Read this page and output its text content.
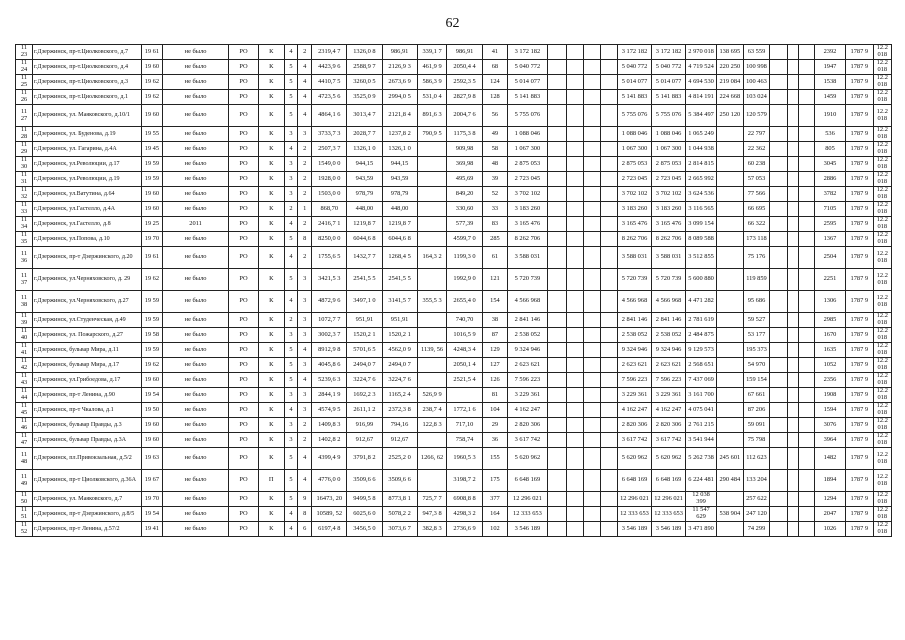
62
11 23	г.Дзержинск, пр-т.Циолковского, д.7	19 61	не было	РО	К	4	2	2319,4 7	1326,0 8	986,91	339,1 7	986,91	41	3 172 182					3 172 182	3 172 182	2 970 018	138 695	63 559				2392	1787 9	12.2 018
11 24	г.Дзержинск, пр-т.Циолковского, д.4	19 60	не было	РО	К	5	4	4423,9 6	2588,9 7	2126,9 3	461,9 9	2050,4 4	68	5 040 772					5 040 772	5 040 772	4 719 524	220 250	100 998				1947	1787 9	12.2 018
11 25	г.Дзержинск, пр-т.Циолковского, д.3	19 62	не было	РО	К	5	4	4410,7 5	3260,0 5	2673,6 9	586,3 9	2592,3 5	124	5 014 077					5 014 077	5 014 077	4 694 530	219 084	100 463				1538	1787 9	12.2 018
11 26	г.Дзержинск, пр-т.Циолковского, д.1	19 62	не было	РО	К	5	4	4723,5 6	3525,0 9	2994,0 5	531,0 4	2827,9 8	128	5 141 883					5 141 883	5 141 883	4 814 191	224 668	103 024				1459	1787 9	12.2 018
11 27	г.Дзержинск, ул. Маяковского, д.10/1	19 60	не было	РО	К	5	4	4864,1 6	3013,4 7	2121,8 4	891,6 3	2004,7 6	56	5 755 076					5 755 076	5 755 076	5 384 497	250 120	120 579				1910	1787 9	12.2 018
11 28	г.Дзержинск, ул. Буденова, д.19	19 55	не было	РО	К	3	3	3733,7 3	2028,7 7	1237,8 2	790,9 5	1175,3 8	49	1 088 046					1 088 046	1 088 046	1 065 249		22 797				536	1787 9	12.2 018
11 29	г.Дзержинск, ул. Гагарина, д.4А	19 45	не было	РО	К	4	2	2507,3 7	1326,1 0	1326,1 0		909,98	58	1 067 300					1 067 300	1 067 300	1 044 938		22 362				805	1787 9	12.2 018
11 30	г.Дзержинск, ул.Революции, д.17	19 59	не было	РО	К	3	2	1549,0 0	944,15	944,15		369,98	48	2 875 053					2 875 053	2 875 053	2 814 815		60 238				3045	1787 9	12.2 018
11 31	г.Дзержинск, ул.Революции, д.19	19 59	не было	РО	К	3	2	1928,0 0	943,59	943,59		495,69	39	2 723 045					2 723 045	2 723 045	2 665 992		57 053				2886	1787 9	12.2 018
11 32	г.Дзержинск, ул.Ватутина, д.64	19 60	не было	РО	К	3	2	1503,0 0	978,79	978,79		849,20	52	3 702 102					3 702 102	3 702 102	3 624 536		77 566				3782	1787 9	12.2 018
11 33	г.Дзержинск, ул.Гастелло, д.4А	19 60	не было	РО	К	2	1	868,70	448,00	448,00		330,60	33	3 183 260					3 183 260	3 183 260	3 116 565		66 695				7105	1787 9	12.2 018
11 34	г.Дзержинск, ул.Гастелло, д.8	19 25	2011	РО	К	4	2	2416,7 1	1219,8 7	1219,8 7		577,39	83	3 165 476					3 165 476	3 165 476	3 099 154		66 322				2595	1787 9	12.2 018
11 35	г.Дзержинск, ул.Попова, д.10	19 70	не было	РО	К	5	8	8250,0 0	6044,6 8	6044,6 8		4599,7 0	285	8 262 706					8 262 706	8 262 706	8 089 588		173 118				1367	1787 9	12.2 018
11 36	г.Дзержинск, пр-т Дзержинского, д.20	19 61	не было	РО	К	4	2	1755,6 5	1432,7 7	1268,4 5	164,3 2	1199,3 0	61	3 588 031					3 588 031	3 588 031	3 512 855		75 176				2504	1787 9	12.2 018
11 37	г.Дзержинск, ул.Черняховского, д. 29	19 62	не было	РО	К	5	3	3421,5 3	2541,5 5	2541,5 5		1992,9 0	121	5 720 739					5 720 739	5 720 739	5 600 880		119 859				2251	1787 9	12.2 018
11 38	г.Дзержинск, ул.Черняховского, д.27	19 59	не было	РО	К	4	3	4872,9 6	3497,1 0	3141,5 7	355,5 3	2655,4 0	154	4 566 968					4 566 968	4 566 968	4 471 282		95 686				1306	1787 9	12.2 018
11 39	г.Дзержинск, ул.Студенческая, д.49	19 59	не было	РО	К	2	3	1072,7 7	951,91	951,91		740,70	38	2 841 146					2 841 146	2 841 146	2 781 619		59 527				2985	1787 9	12.2 018
11 40	г.Дзержинск, ул. Пожарского, д.27	19 58	не было	РО	К	3	3	3002,3 7	1520,2 1	1520,2 1		1016,5 9	87	2 538 052					2 538 052	2 538 052	2 484 875		53 177				1670	1787 9	12.2 018
11 41	г.Дзержинск, бульвар Мира, д.11	19 59	не было	РО	К	5	4	8912,9 8	5701,6 5	4562,0 9	1139, 56	4248,3 4	129	9 324 946					9 324 946	9 324 946	9 129 573		195 373				1635	1787 9	12.2 018
11 42	г.Дзержинск, бульвар Мира, д.17	19 62	не было	РО	К	5	3	4045,8 6	2494,0 7	2494,0 7		2050,1 4	127	2 623 621					2 623 621	2 623 621	2 568 651		54 970				1052	1787 9	12.2 018
11 43	г.Дзержинск, ул.Грибоедова, д.17	19 60	не было	РО	К	5	4	5239,6 3	3224,7 6	3224,7 6		2521,5 4	126	7 596 223					7 596 223	7 596 223	7 437 069		159 154				2356	1787 9	12.2 018
11 44	г.Дзержинск, пр-т Ленина, д.90	19 54	не было	РО	К	3	3	2844,1 9	1692,2 3	1165,2 4	526,9 9		81	3 229 361					3 229 361	3 229 361	3 161 700		67 661				1908	1787 9	12.2 018
11 45	г.Дзержинск, пр-т Чкалова, д.1	19 50	не было	РО	К	4	3	4574,9 5	2611,1 2	2372,3 8	238,7 4	1772,1 6	104	4 162 247					4 162 247	4 162 247	4 075 041		87 206				1594	1787 9	12.2 018
11 46	г.Дзержинск, бульвар Правды, д.3	19 60	не было	РО	К	3	2	1409,8 3	916,99	794,16	122,8 3	717,10	29	2 820 306					2 820 306	2 820 306	2 761 215		59 091				3076	1787 9	12.2 018
11 47	г.Дзержинск, бульвар Правды, д.3А	19 60	не было	РО	К	3	2	1402,8 2	912,67	912,67		758,74	36	3 617 742					3 617 742	3 617 742	3 541 944		75 798				3964	1787 9	12.2 018
11 48	г.Дзержинск, пл.Привокзальная, д.5/2	19 63	не было	РО	К	5	4	4399,4 9	3791,8 2	2525,2 0	1266, 62	1960,5 3	155	5 620 962					5 620 962	5 620 962	5 262 738	245 601	112 623				1482	1787 9	12.2 018
11 49	г.Дзержинск, пр-т Циолковского, д.36А	19 67	не было	РО	П	5	4	4776,0 0	3509,6 6	3509,6 6		3198,7 2	175	6 648 169					6 648 169	6 648 169	6 224 481	290 484	133 204				1894	1787 9	12.2 018
11 50	г.Дзержинск, ул. Маяковского, д.7	19 70	не было	РО	К	5	9	16473, 20	9499,5 8	8773,8 1	725,7 7	6908,8 8	377	12 296 021					12 296 021	12 296 021	12 038 399		257 622				1294	1787 9	12.2 018
11 51	г.Дзержинск, пр-т Дзержинского, д.8/5	19 54	не было	РО	К	4	8	10589, 52	6025,6 0	5078,2 2	947,3 8	4298,3 2	164	12 333 653					12 333 653	12 333 653	11 547 629	538 904	247 120				2047	1787 9	12.2 018
11 52	г.Дзержинск, пр-т Ленина, д.57/2	19 41	не было	РО	К	4	6	6197,4 8	3456,5 0	3073,6 7	382,8 3	2736,6 9	102	3 546 189					3 546 189	3 546 189	3 471 890		74 299				1026	1787 9	12.2 018
